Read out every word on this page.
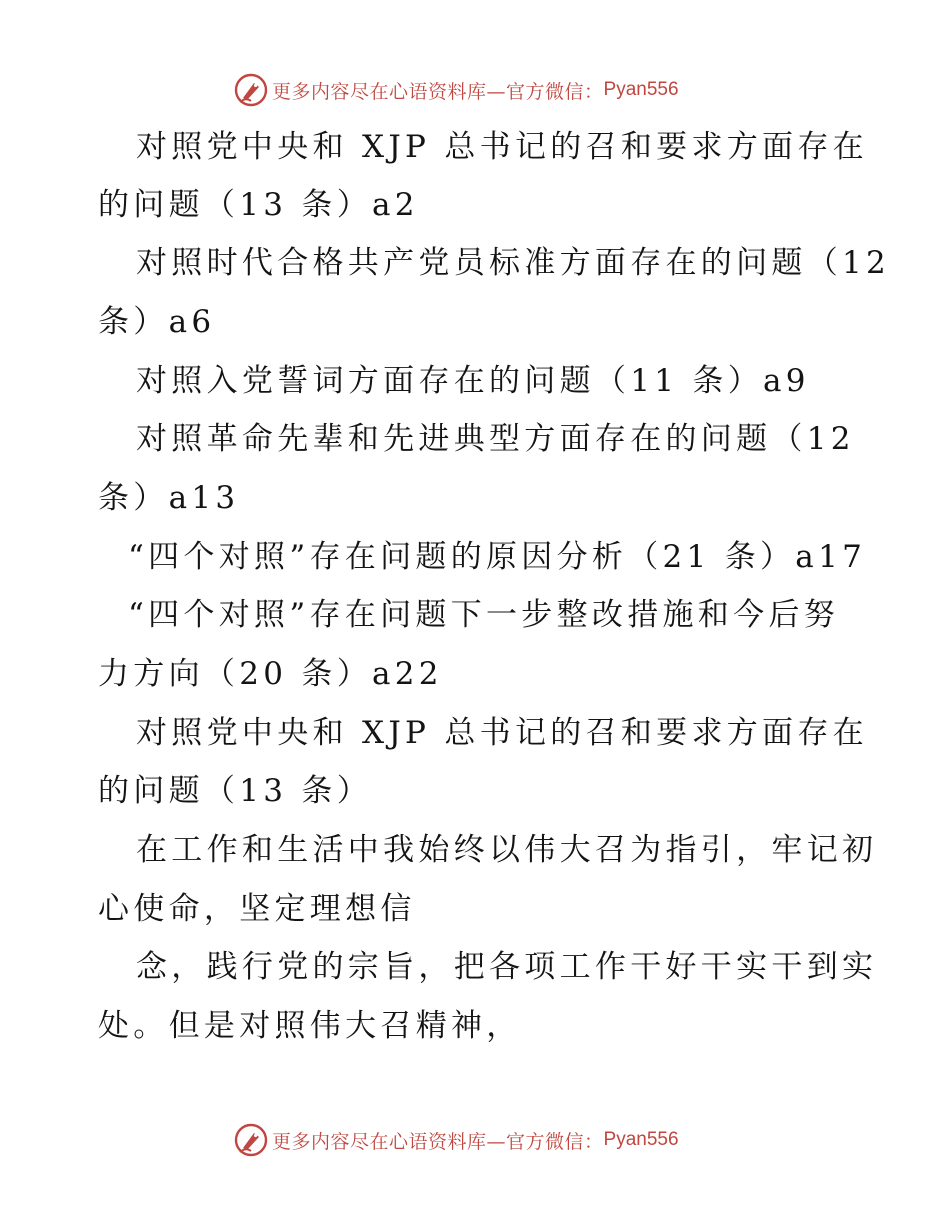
更多内容尽在心语资料库—官方微信： Pyan556
对照党中央和 XJP 总书记的召和要求方面存在
的问题（13 条）a2
对照时代合格共产党员标准方面存在的问题（12
条）a6
对照入党誓词方面存在的问题（11 条）a9
对照革命先辈和先进典型方面存在的问题（12
条）a13
“四个对照”存在问题的原因分析（21 条）a17
“四个对照”存在问题下一步整改措施和今后努
力方向（20 条）a22
对照党中央和 XJP 总书记的召和要求方面存在
的问题（13 条）
在工作和生活中我始终以伟大召为指引，牢记初
心使命，坚定理想信
念，践行党的宗旨，把各项工作干好干实干到实
处。但是对照伟大召精神，
更多内容尽在心语资料库—官方微信： Pyan556
